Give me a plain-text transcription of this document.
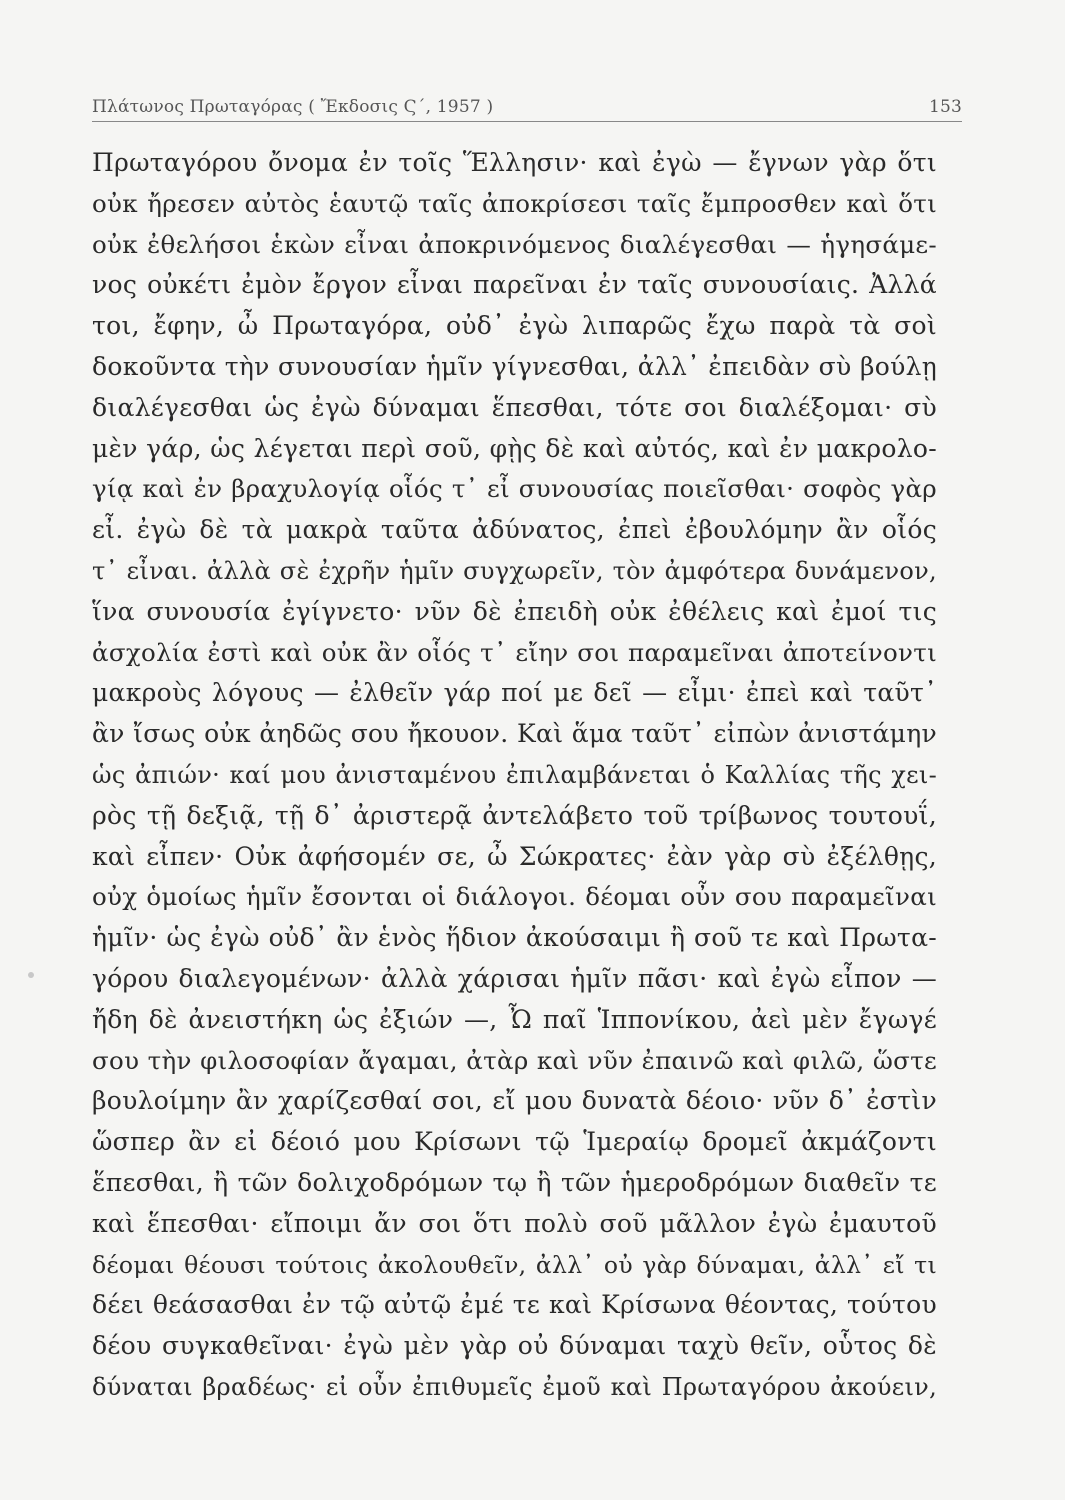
Πλάτωνος Πρωταγόρας ( Ἔκδοσις Ϛ΄, 1957 )	153
Πρωταγόρου ὄνομα ἐν τοῖς Ἕλλησιν· καὶ ἐγὼ — ἔγνων γὰρ ὅτι
οὐκ ἤρεσεν αὐτὸς ἑαυτῷ ταῖς ἀποκρίσεσι ταῖς ἔμπροσθεν καὶ ὅτι
οὐκ ἐθελήσοι ἑκὼν εἶναι ἀποκρινόμενος διαλέγεσθαι — ἡγησάμε-
νος οὐκέτι ἐμὸν ἔργον εἶναι παρεῖναι ἐν ταῖς συνουσίαις. Ἀλλά
τοι, ἔφην, ὦ Πρωταγόρα, οὐδ᾽ ἐγὼ λιπαρῶς ἔχω παρὰ τὰ σοὶ
δοκοῦντα τὴν συνουσίαν ἡμῖν γίγνεσθαι, ἀλλ᾽ ἐπειδὰν σὺ βούλῃ
διαλέγεσθαι ὡς ἐγὼ δύναμαι ἕπεσθαι, τότε σοι διαλέξομαι· σὺ
μὲν γάρ, ὡς λέγεται περὶ σοῦ, φῂς δὲ καὶ αὐτός, καὶ ἐν μακρολο-
γίᾳ καὶ ἐν βραχυλογίᾳ οἷός τ᾽ εἶ συνουσίας ποιεῖσθαι· σοφὸς γὰρ
εἶ. ἐγὼ δὲ τὰ μακρὰ ταῦτα ἀδύνατος, ἐπεὶ ἐβουλόμην ἂν οἷός
τ᾽ εἶναι. ἀλλὰ σὲ ἐχρῆν ἡμῖν συγχωρεῖν, τὸν ἀμφότερα δυνάμενον,
ἵνα συνουσία ἐγίγνετο· νῦν δὲ ἐπειδὴ οὐκ ἐθέλεις καὶ ἐμοί τις
ἀσχολία ἐστὶ καὶ οὐκ ἂν οἷός τ᾽ εἴην σοι παραμεῖναι ἀποτείνοντι
μακροὺς λόγους — ἐλθεῖν γάρ ποί με δεῖ — εἶμι· ἐπεὶ καὶ ταῦτ᾽
ἂν ἴσως οὐκ ἀηδῶς σου ἤκουον. Καὶ ἅμα ταῦτ᾽ εἰπὼν ἀνιστάμην
ὡς ἀπιών· καί μου ἀνισταμένου ἐπιλαμβάνεται ὁ Καλλίας τῆς χει-
ρὸς τῇ δεξιᾷ, τῇ δ᾽ ἀριστερᾷ ἀντελάβετο τοῦ τρίβωνος τουτουΐ,
καὶ εἶπεν· Οὐκ ἀφήσομέν σε, ὦ Σώκρατες· ἐὰν γὰρ σὺ ἐξέλθῃς,
οὐχ ὁμοίως ἡμῖν ἔσονται οἱ διάλογοι. δέομαι οὖν σου παραμεῖναι
ἡμῖν· ὡς ἐγὼ οὐδ᾽ ἂν ἑνὸς ἥδιον ἀκούσαιμι ἢ σοῦ τε καὶ Πρωτα-
γόρου διαλεγομένων· ἀλλὰ χάρισαι ἡμῖν πᾶσι· καὶ ἐγὼ εἶπον —
ἤδη δὲ ἀνειστήκη ὡς ἐξιών —, Ὦ παῖ Ἱππονίκου, ἀεὶ μὲν ἔγωγέ
σου τὴν φιλοσοφίαν ἄγαμαι, ἀτὰρ καὶ νῦν ἐπαινῶ καὶ φιλῶ, ὥστε
βουλοίμην ἂν χαρίζεσθαί σοι, εἴ μου δυνατὰ δέοιο· νῦν δ᾽ ἐστὶν
ὥσπερ ἂν εἰ δέοιό μου Κρίσωνι τῷ Ἱμεραίῳ δρομεῖ ἀκμάζοντι
ἕπεσθαι, ἢ τῶν δολιχοδρόμων τῳ ἢ τῶν ἡμεροδρόμων διαθεῖν τε
καὶ ἕπεσθαι· εἴποιμι ἄν σοι ὅτι πολὺ σοῦ μᾶλλον ἐγὼ ἐμαυτοῦ
δέομαι θέουσι τούτοις ἀκολουθεῖν, ἀλλ᾽ οὐ γὰρ δύναμαι, ἀλλ᾽ εἴ τι
δέει θεάσασθαι ἐν τῷ αὐτῷ ἐμέ τε καὶ Κρίσωνα θέοντας, τούτου
δέου συγκαθεῖναι· ἐγὼ μὲν γὰρ οὐ δύναμαι ταχὺ θεῖν, οὗτος δὲ
δύναται βραδέως· εἰ οὖν ἐπιθυμεῖς ἐμοῦ καὶ Πρωταγόρου ἀκούειν,
